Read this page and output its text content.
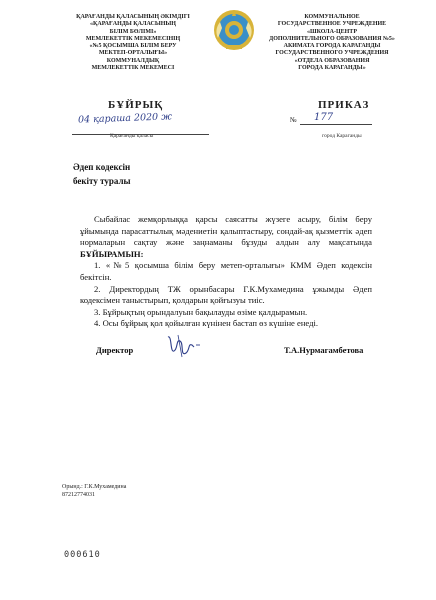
ҚАРАҒАНДЫ ҚАЛАСЫНЫҢ ӘКІМДІГІ
«ҚАРАҒАНДЫ ҚАЛАСЫНЫҢ
БІЛІМ БӨЛІМІ»
МЕМЛЕКЕТТІК МЕКЕМЕСІНІҢ
«№5 ҚОСЫМША БІЛІМ БЕРУ
МЕКТЕП-ОРТАЛЫҒЫ»
КОММУНАЛДЫҚ
МЕМЛЕКЕТТІК МЕКЕМЕСІ
КОММУНАЛЬНОЕ
ГОСУДАРСТВЕННОЕ УЧРЕЖДЕНИЕ
«ШКОЛА-ЦЕНТР
ДОПОЛНИТЕЛЬНОГО ОБРАЗОВАНИЯ №5»
АКИМАТА ГОРОДА КАРАГАНДЫ
ГОСУДАРСТВЕННОГО УЧРЕЖДЕНИЯ
«ОТДЕЛА ОБРАЗОВАНИЯ
ГОРОДА КАРАГАНДЫ»
БҰЙРЫҚ	ПРИКАЗ
04 қараша 2020 ж
Қарағанды қаласы
№ 177
город Караганды
Әдеп кодексін
бекіту туралы

Сыбайлас жемқорлыққа қарсы саясатты жүзеге асыру, білім беру ұйымында парасаттылық мәдениетін қалыптастыру, сондай-ақ қызметтік әдеп нормаларын сақтау және заңнаманы бұзуды алдын алу мақсатында БҰЙЫРАМЫН:

1. «№5 қосымша білім беру метеп-орталығы» КММ Әдеп кодексін бекітсін.

2. Директордың ТЖ орынбасары Г.К.Мухамедина ұжымды Әдеп кодексімен таныстырып, қолдарын қойғызуы тиіс.

3. Бұйрықтың орындалуын бақылауды өзіме қалдырамын.

4. Осы бұйрық қол қойылған күнінен бастап өз күшіне енеді.

Директор	Т.А.Нурмагамбетова
Орынд.: Г.К.Мухамедина
87212774031
000610
